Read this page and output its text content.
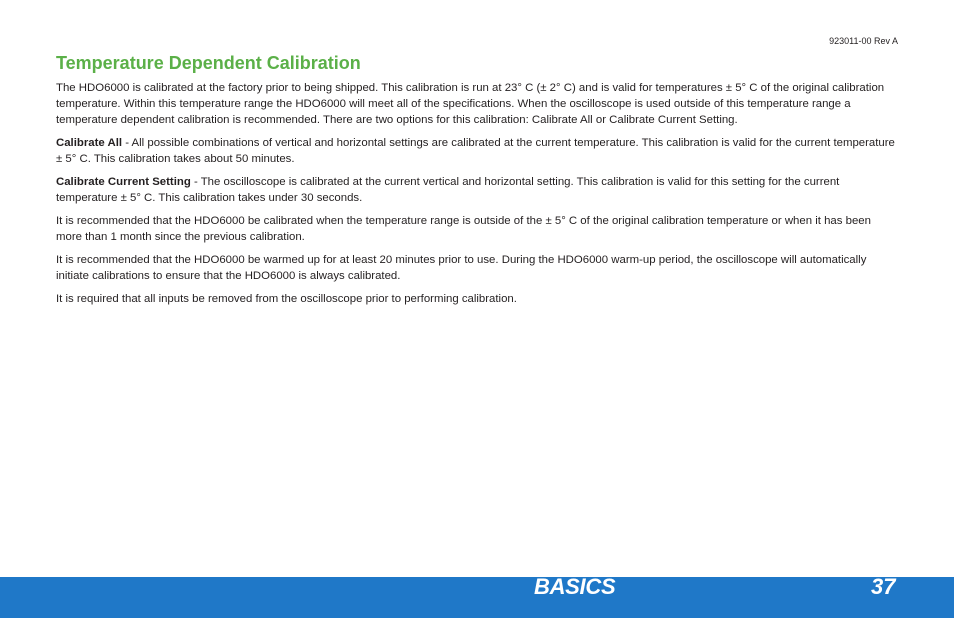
923011-00 Rev A
Temperature Dependent Calibration

The HDO6000 is calibrated at the factory prior to being shipped. This calibration is run at 23° C (± 2° C) and is valid for temperatures ± 5° C of the original calibration temperature. Within this temperature range the HDO6000 will meet all of the specifications. When the oscilloscope is used outside of this temperature range a temperature dependent calibration is recommended. There are two options for this calibration: Calibrate All or Calibrate Current Setting.

Calibrate All - All possible combinations of vertical and horizontal settings are calibrated at the current temperature. This calibration is valid for the current temperature ± 5° C. This calibration takes about 50 minutes.

Calibrate Current Setting - The oscilloscope is calibrated at the current vertical and horizontal setting. This calibration is valid for this setting for the current temperature ± 5° C. This calibration takes under 30 seconds.

It is recommended that the HDO6000 be calibrated when the temperature range is outside of the ± 5° C of the original calibration temperature or when it has been more than 1 month since the previous calibration.

It is recommended that the HDO6000 be warmed up for at least 20 minutes prior to use. During the HDO6000 warm-up period, the oscilloscope will automatically initiate calibrations to ensure that the HDO6000 is always calibrated.

It is required that all inputs be removed from the oscilloscope prior to performing calibration.

BASICS	37
